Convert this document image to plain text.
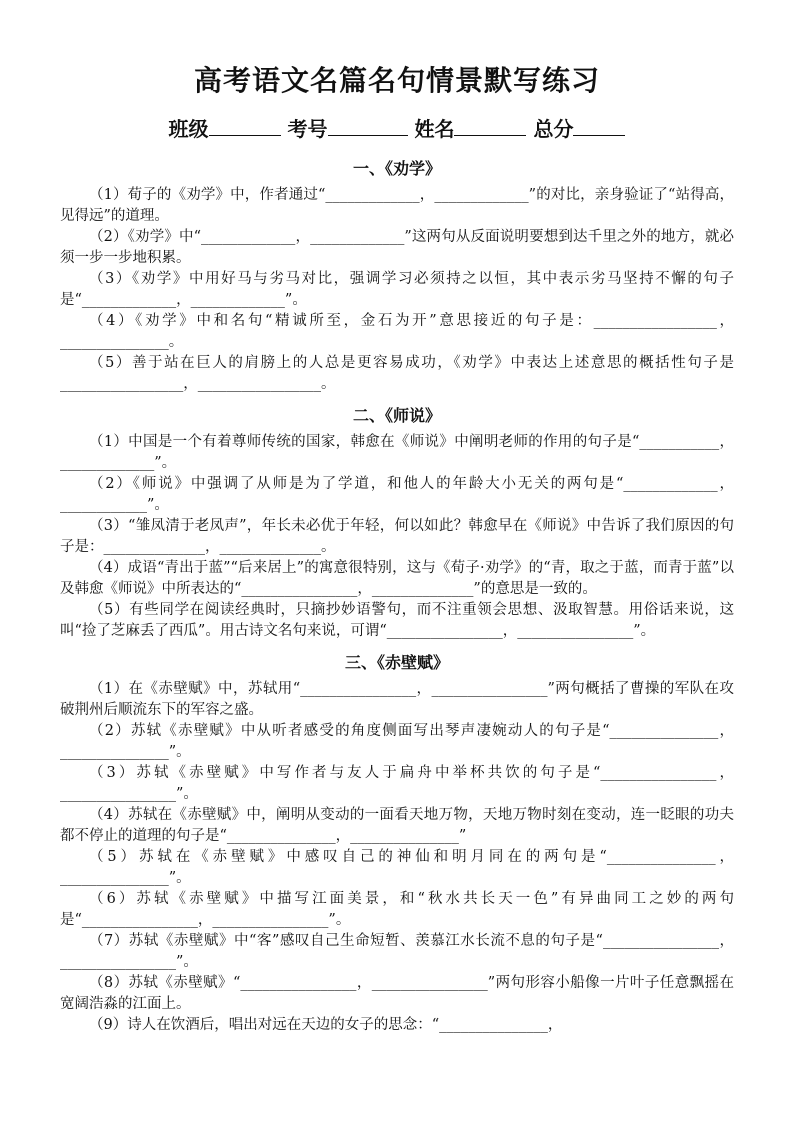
高考语文名篇名句情景默写练习
班级	考号	姓名	总分
一、《劝学》

（1）荀子的《劝学》中，作者通过“_____________，_____________”的对比，亲身验证了“站得高，见得远”的道理。

（2）《劝学》中“_____________，_____________”这两句从反面说明要想到达千里之外的地方，就必须一步一步地积累。

（3）《劝学》中用好马与劣马对比，强调学习必须持之以恒，其中表示劣马坚持不懈的句子是“_____________，_____________”。

（4）《劝学》中和名句“精诚所至，金石为开”意思接近的句子是：_________________，_______________。

（5）善于站在巨人的肩膀上的人总是更容易成功，《劝学》中表达上述意思的概括性句子是_________________，_________________。

二、《师说》

（1）中国是一个有着尊师传统的国家，韩愈在《师说》中阐明老师的作用的句子是“___________，_____________”。

（2）《师说》中强调了从师是为了学道，和他人的年龄大小无关的两句是“_____________，____________”。

（3）“雏凤清于老凤声”，年长未必优于年轻，何以如此？韩愈早在《师说》中告诉了我们原因的句子是：______________，______________。

（4）成语“青出于蓝”“后来居上”的寓意很特别，这与《荀子·劝学》的“青，取之于蓝，而青于蓝”以及韩愈《师说》中所表达的“________________，______________”的意思是一致的。

（5）有些同学在阅读经典时，只摘抄妙语警句，而不注重领会思想、汲取智慧。用俗话来说，这叫“捡了芝麻丢了西瓜”。用古诗文名句来说，可谓“________________，________________”。

三、《赤壁赋》

（1）在《赤壁赋》中，苏轼用“________________，________________”两句概括了曹操的军队在攻破荆州后顺流东下的军容之盛。

（2）苏轼《赤壁赋》中从听者感受的角度侧面写出琴声凄婉动人的句子是“_______________，_______________”。

（3）苏轼《赤壁赋》中写作者与友人于扁舟中举杯共饮的句子是“________________，________________”。

（4）苏轼在《赤壁赋》中，阐明从变动的一面看天地万物，天地万物时刻在变动，连一眨眼的功夫都不停止的道理的句子是“_______________，_______________”

（5）苏轼在《赤壁赋》中感叹自己的神仙和明月同在的两句是“_______________，_______________”。

（6）苏轼《赤壁赋》中描写江面美景，和“秋水共长天一色”有异曲同工之妙的两句是“________________，________________”。

（7）苏轼《赤壁赋》中“客”感叹自己生命短暂、羡慕江水长流不息的句子是“________________，________________”。

（8）苏轼《赤壁赋》“________________，________________”两句形容小船像一片叶子任意飘摇在宽阔浩淼的江面上。

（9）诗人在饮酒后，唱出对远在天边的女子的思念：“_______________，
